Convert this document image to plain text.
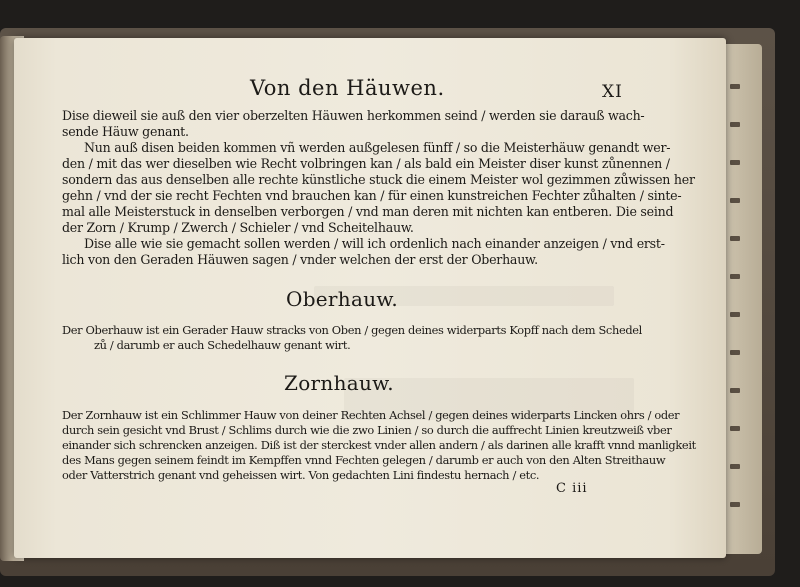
Von den Häuwen.	XI
Dise dieweil sie auß den vier oberzelten Häuwen herkommen seind / werden sie darauß wach-
sende Häuw genant.
Nun auß disen beiden kommen vñ werden außgelesen fünff / so die Meisterhäuw genandt wer-
den / mit das wer dieselben wie Recht volbringen kan / als bald ein Meister diser kunst zůnennen /
sondern das aus denselben alle rechte künstliche stuck die einem Meister wol gezimmen zůwissen her
gehn / vnd der sie recht Fechten vnd brauchen kan / für einen kunstreichen Fechter zůhalten / sinte-
mal alle Meisterstuck in denselben verborgen / vnd man deren mit nichten kan entberen. Die seind
der Zorn / Krump / Zwerch / Schieler / vnd Scheitelhauw.
Dise alle wie sie gemacht sollen werden / will ich ordenlich nach einander anzeigen / vnd erst-
lich von den Geraden Häuwen sagen / vnder welchen der erst der Oberhauw.
Oberhauw.
Der Oberhauw ist ein Gerader Hauw stracks von Oben / gegen deines widerparts Kopff nach dem Schedel
zů / darumb er auch Schedelhauw genant wirt.
Zornhauw.
Der Zornhauw ist ein Schlimmer Hauw von deiner Rechten Achsel / gegen deines widerparts Lincken ohrs / oder
durch sein gesicht vnd Brust / Schlims durch wie die zwo Linien / so durch die auffrecht Linien kreutzweiß vber
einander sich schrencken anzeigen. Diß ist der sterckest vnder allen andern / als darinen alle krafft vnnd manligkeit
des Mans gegen seinem feindt im Kempffen vnnd Fechten gelegen / darumb er auch von den Alten Streithauw
oder Vatterstrich genant vnd geheissen wirt. Von gedachten Lini findestu hernach / etc.
C iii
